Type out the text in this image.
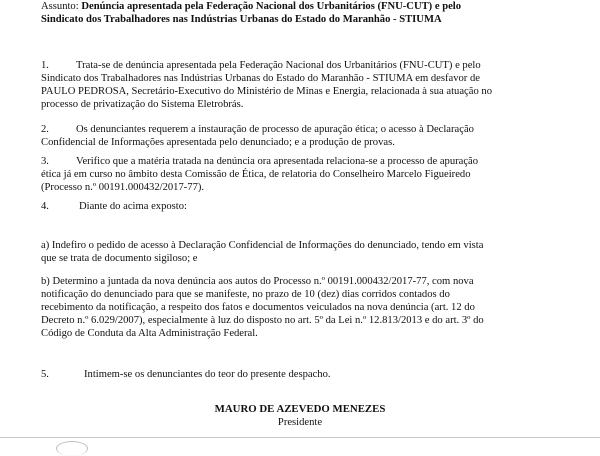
Assunto: Denúncia apresentada pela Federação Nacional dos Urbanitários (FNU-CUT) e pelo
Sindicato dos Trabalhadores nas Indústrias Urbanas do Estado do Maranhão - STIUMA
1.	Trata-se de denúncia apresentada pela Federação Nacional dos Urbanitários (FNU-CUT) e pelo
Sindicato dos Trabalhadores nas Indústrias Urbanas do Estado do Maranhão - STIUMA em desfavor de
PAULO PEDROSA, Secretário-Executivo do Ministério de Minas e Energia, relacionada à sua atuação no
processo de privatização do Sistema Eletrobrás.
2.	Os denunciantes requerem a instauração de processo de apuração ética; o acesso à Declaração
Confidencial de Informações apresentada pelo denunciado; e a produção de provas.
3.	Verifico que a matéria tratada na denúncia ora apresentada relaciona-se a processo de apuração
ética já em curso no âmbito desta Comissão de Ética, de relatoria do Conselheiro Marcelo Figueiredo
(Processo n.º 00191.000432/2017-77).
4.	Diante do acima exposto:
a) Indefiro o pedido de acesso à Declaração Confidencial de Informações do denunciado, tendo em vista
que se trata de documento sigiloso; e
b) Determino a juntada da nova denúncia aos autos do Processo n.º 00191.000432/2017-77, com nova
notificação do denunciado para que se manifeste, no prazo de 10 (dez) dias corridos contados do
recebimento da notificação, a respeito dos fatos e documentos veiculados na nova denúncia (art. 12 do
Decreto n.º 6.029/2007), especialmente à luz do disposto no art. 5º da Lei n.º 12.813/2013 e do art. 3º do
Código de Conduta da Alta Administração Federal.
5.	Intimem-se os denunciantes do teor do presente despacho.
MAURO DE AZEVEDO MENEZES
Presidente
